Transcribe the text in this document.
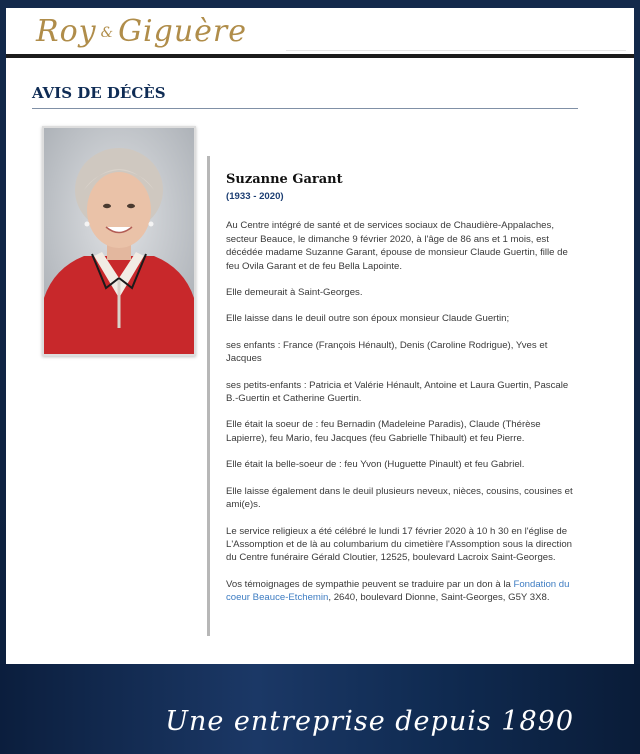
Roy & Giguère
AVIS DE DÉCÈS
Suzanne Garant

(1933 - 2020)

Au Centre intégré de santé et de services sociaux de Chaudière-Appalaches, secteur Beauce, le dimanche 9 février 2020, à l'âge de 86 ans et 1 mois, est décédée madame Suzanne Garant, épouse de monsieur Claude Guertin, fille de feu Ovila Garant et de feu Bella Lapointe.

Elle demeurait à Saint-Georges.

Elle laisse dans le deuil outre son époux monsieur Claude Guertin;

ses enfants : France (François Hénault), Denis (Caroline Rodrigue), Yves et Jacques

ses petits-enfants : Patricia et Valérie Hénault, Antoine et Laura Guertin, Pascale B.-Guertin et Catherine Guertin.

Elle était la soeur de : feu Bernadin (Madeleine Paradis), Claude (Thérèse Lapierre), feu Mario, feu Jacques (feu Gabrielle Thibault) et feu Pierre.

Elle était la belle-soeur de : feu Yvon (Huguette Pinault) et feu Gabriel.

Elle laisse également dans le deuil plusieurs neveux, nièces, cousins, cousines et ami(e)s.

Le service religieux a été célébré le lundi 17 février 2020 à 10 h 30 en l'église de L'Assomption et de là au columbarium du cimetière l'Assomption sous la direction du Centre funéraire Gérald Cloutier, 12525, boulevard Lacroix Saint-Georges.

Vos témoignages de sympathie peuvent se traduire par un don à la Fondation du coeur Beauce-Etchemin, 2640, boulevard Dionne, Saint-Georges, G5Y 3X8.

Une entreprise depuis 1890
